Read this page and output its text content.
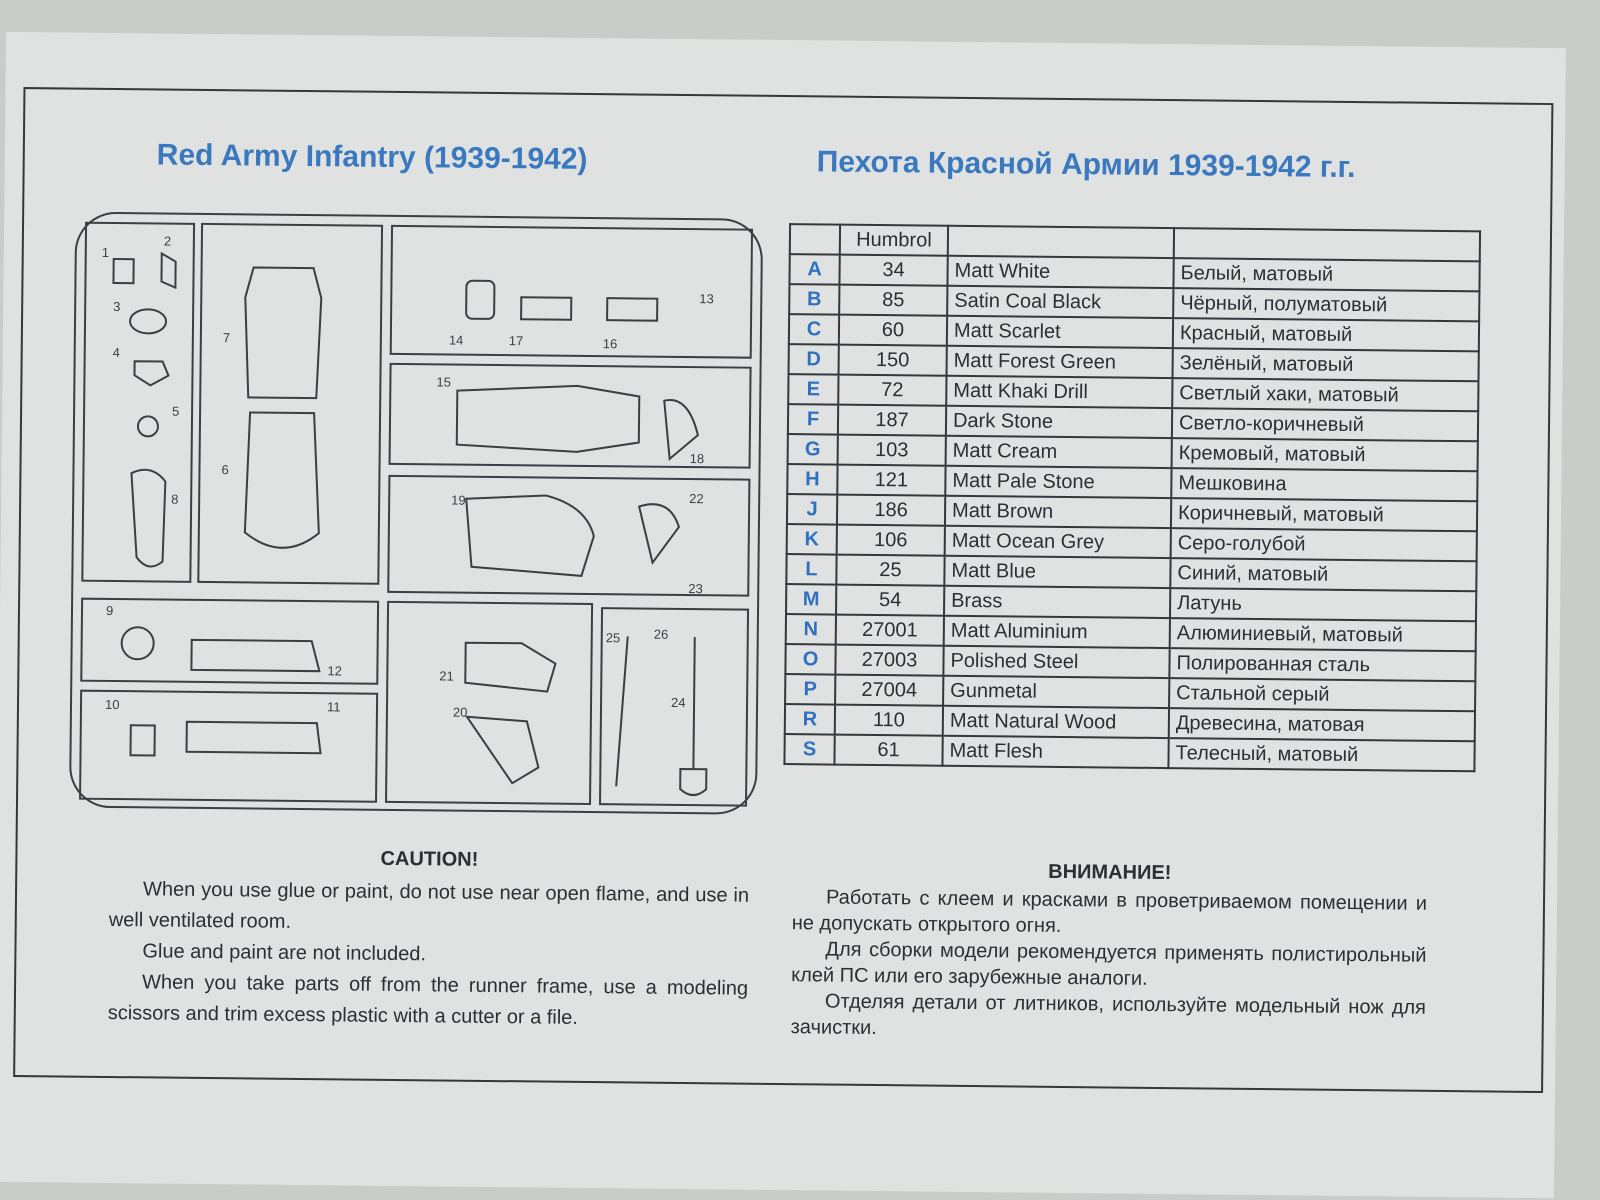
Red Army Infantry (1939-1942)	Пехота Красной Армии 1939-1942 г.г.
1
2
3
4
5
6
7
8
9
10	11
12
13
14
15
16
17
18
19
20
21
22
23
24
25	26
	Humbrol		
A	34	Matt White	Белый, матовый
B	85	Satin Coal Black	Чёрный, полуматовый
C	60	Matt Scarlet	Красный, матовый
D	150	Matt Forest Green	Зелёный, матовый
E	72	Matt Khaki Drill	Светлый хаки, матовый
F	187	Dark Stone	Светло-коричневый
G	103	Matt Cream	Кремовый, матовый
H	121	Matt Pale Stone	Мешковина
J	186	Matt Brown	Коричневый, матовый
K	106	Matt Ocean Grey	Серо-голубой
L	25	Matt Blue	Синий, матовый
M	54	Brass	Латунь
N	27001	Matt Aluminium	Алюминиевый, матовый
O	27003	Polished Steel	Полированная сталь
P	27004	Gunmetal	Стальной серый
R	110	Matt Natural Wood	Древесина, матовая
S	61	Matt Flesh	Телесный, матовый
CAUTION!

When you use glue or paint, do not use near open flame, and use in well ventilated room.

Glue and paint are not included.

When you take parts off from the runner frame, use a modeling scissors and trim excess plastic with a cutter or a file.

ВНИМАНИЕ!

Работать с клеем и красками в проветриваемом помещении и не допускать открытого огня.

Для сборки модели рекомендуется применять полистирольный клей ПС или его зарубежные аналоги.

Отделяя детали от литников, используйте модельный нож для зачистки.
